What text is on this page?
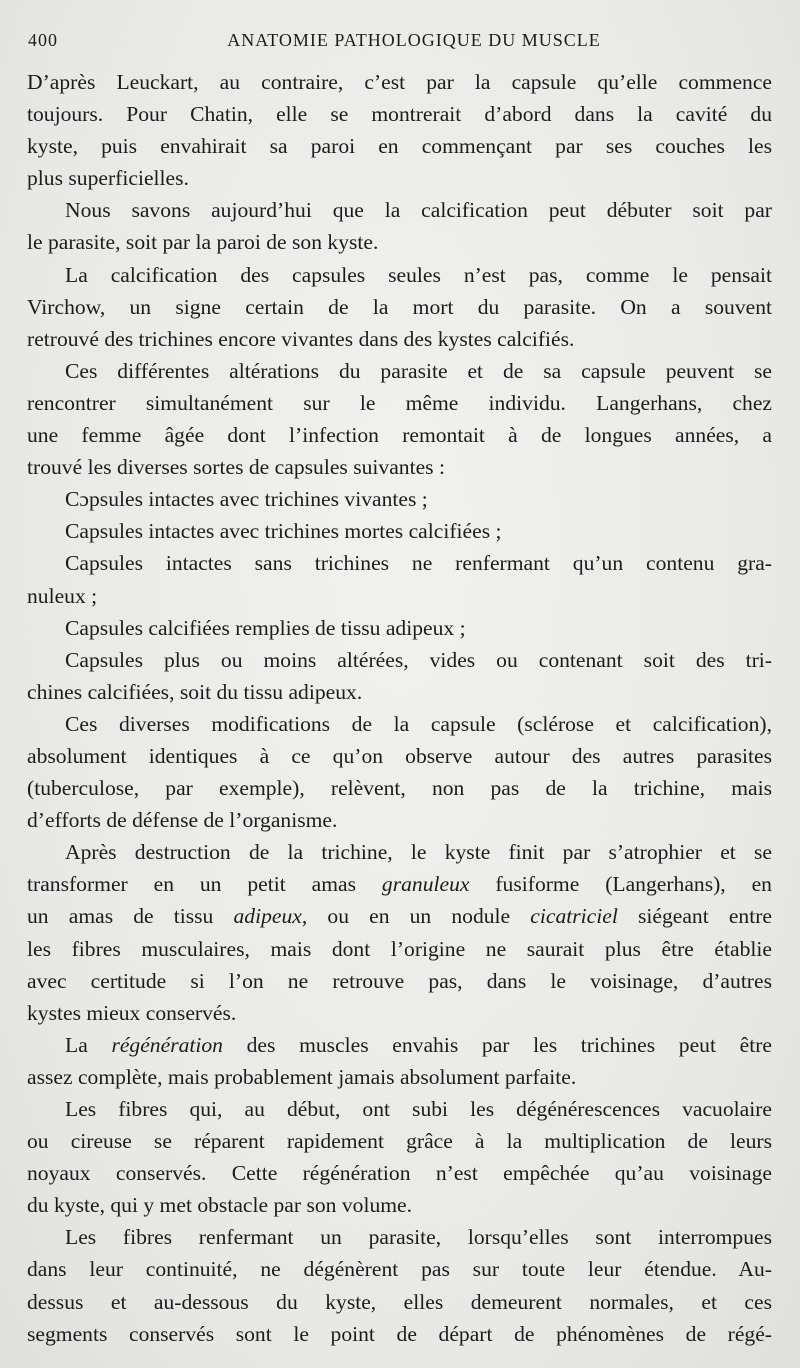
400	ANATOMIE PATHOLOGIQUE DU MUSCLE
D’après Leuckart, au contraire, c’est par la capsule qu’elle commence
toujours. Pour Chatin, elle se montrerait d’abord dans la cavité du
kyste, puis envahirait sa paroi en commençant par ses couches les
plus superficielles.
Nous savons aujourd’hui que la calcification peut débuter soit par
le parasite, soit par la paroi de son kyste.
La calcification des capsules seules n’est pas, comme le pensait
Virchow, un signe certain de la mort du parasite. On a souvent
retrouvé des trichines encore vivantes dans des kystes calcifiés.
Ces différentes altérations du parasite et de sa capsule peuvent se
rencontrer simultanément sur le même individu. Langerhans, chez
une femme âgée dont l’infection remontait à de longues années, a
trouvé les diverses sortes de capsules suivantes :
Cɔpsules intactes avec trichines vivantes ;
Capsules intactes avec trichines mortes calcifiées ;
Capsules intactes sans trichines ne renfermant qu’un contenu gra-
nuleux ;
Capsules calcifiées remplies de tissu adipeux ;
Capsules plus ou moins altérées, vides ou contenant soit des tri-
chines calcifiées, soit du tissu adipeux.
Ces diverses modifications de la capsule (sclérose et calcification),
absolument identiques à ce qu’on observe autour des autres parasites
(tuberculose, par exemple), relèvent, non pas de la trichine, mais
d’efforts de défense de l’organisme.
Après destruction de la trichine, le kyste finit par s’atrophier et se
transformer en un petit amas granuleux fusiforme (Langerhans), en
un amas de tissu adipeux, ou en un nodule cicatriciel siégeant entre
les fibres musculaires, mais dont l’origine ne saurait plus être établie
avec certitude si l’on ne retrouve pas, dans le voisinage, d’autres
kystes mieux conservés.
La régénération des muscles envahis par les trichines peut être
assez complète, mais probablement jamais absolument parfaite.
Les fibres qui, au début, ont subi les dégénérescences vacuolaire
ou cireuse se réparent rapidement grâce à la multiplication de leurs
noyaux conservés. Cette régénération n’est empêchée qu’au voisinage
du kyste, qui y met obstacle par son volume.
Les fibres renfermant un parasite, lorsqu’elles sont interrompues
dans leur continuité, ne dégénèrent pas sur toute leur étendue. Au-
dessus et au-dessous du kyste, elles demeurent normales, et ces
segments conservés sont le point de départ de phénomènes de régé-
